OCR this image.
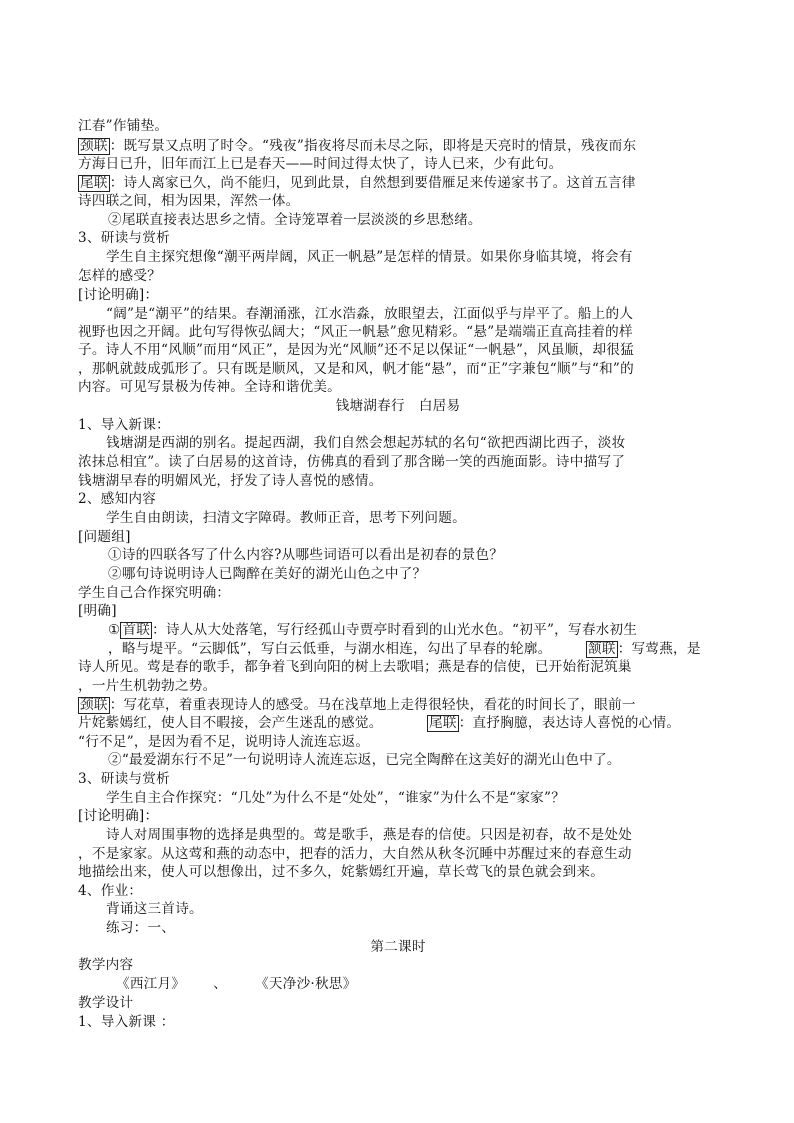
江春”作铺垫。
颈联 ：既写景又点明了时令。“残夜”指夜将尽而未尽之际，即将是天亮时的情景，残夜而东
方海日已升，旧年而江上已是春天——时间过得太快了，诗人已来，少有此句。
尾联 ：诗人离家已久，尚不能归，见到此景，自然想到要借雁足来传递家书了。这首五言律
诗四联之间，相为因果，浑然一体。
②尾联直接表达思乡之情。全诗笼罩着一层淡淡的乡思愁绪。
3、研读与赏析
学生自主探究想像“潮平两岸阔，风正一帆悬”是怎样的情景。如果你身临其境，将会有
怎样的感受？
[讨论明确]：
“阔”是“潮平”的结果。春潮涌涨，江水浩淼，放眼望去，江面似乎与岸平了。船上的人
视野也因之开阔。此句写得恢弘阔大；“风正一帆悬”愈见精彩。“悬”是端端正直高挂着的样
子。诗人不用“风顺”而用“风正”，是因为光“风顺”还不足以保证“一帆悬”，风虽顺，却很猛
，那帆就鼓成弧形了。只有既是顺风，又是和风，帆才能“悬”，而“正”字兼包“顺”与“和”的
内容。可见写景极为传神。全诗和谐优美。
钱塘湖春行 白居易
1、导入新课：
钱塘湖是西湖的别名。提起西湖，我们自然会想起苏轼的名句“欲把西湖比西子，淡妆
浓抹总相宜”。读了白居易的这首诗，仿佛真的看到了那含睇一笑的西施面影。诗中描写了
钱塘湖早春的明媚风光，抒发了诗人喜悦的感情。
2、感知内容
学生自由朗读，扫清文字障碍。教师正音，思考下列问题。
[问题组]
①诗的四联各写了什么内容?从哪些词语可以看出是初春的景色？
②哪句诗说明诗人已陶醉在美好的湖光山色之中了？
学生自己合作探究明确：
[明确]
① 首联 ：诗人从大处落笔，写行经孤山寺贾亭时看到的山光水色。“初平”，写春水初生
，略与堤平。“云脚低”，写白云低垂，与湖水相连，勾出了早春的轮廓。	颔联 ：写莺燕，是
诗人所见。莺是春的歌手，都争着飞到向阳的树上去歌唱；燕是春的信使，已开始衔泥筑巢
，一片生机勃勃之势。
颈联 ：写花草，着重表现诗人的感受。马在浅草地上走得很轻快，看花的时间长了，眼前一
片姹紫嫣红，使人目不暇接，会产生迷乱的感觉。	尾联 ：直抒胸臆，表达诗人喜悦的心情。
“行不足”，是因为看不足，说明诗人流连忘返。
②“最爱湖东行不足”一句说明诗人流连忘返，已完全陶醉在这美好的湖光山色中了。
3、研读与赏析
学生自主合作探究：“几处”为什么不是“处处”，“谁家”为什么不是“家家”？
[讨论明确]：
诗人对周围事物的选择是典型的。莺是歌手，燕是春的信使。只因是初春，故不是处处
，不是家家。从这莺和燕的动态中，把春的活力，大自然从秋冬沉睡中苏醒过来的春意生动
地描绘出来，使人可以想像出，过不多久，姹紫嫣红开遍，草长莺飞的景色就会到来。
4、作业：
背诵这三首诗。
练习：一、
第二课时
教学内容
《西江月》 、 《天净沙·秋思》
教学设计
1、导入新课 ：
